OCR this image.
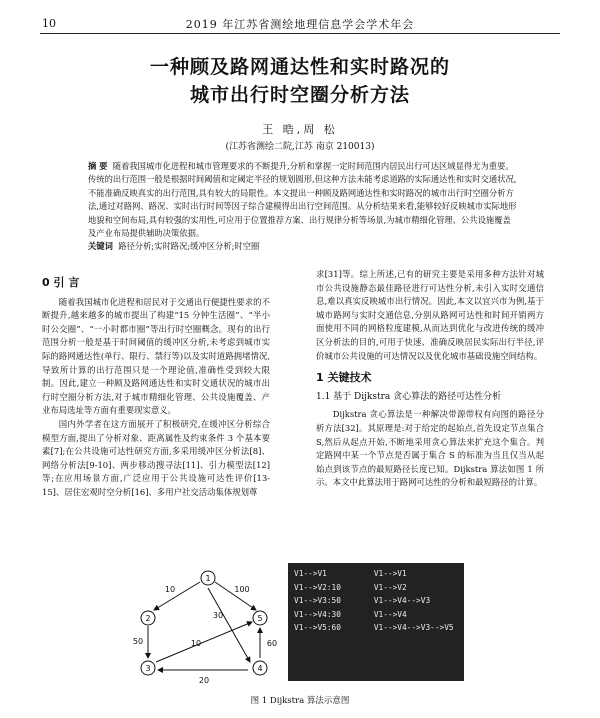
10	2019 年江苏省测绘地理信息学会学术年会
一种顾及路网通达性和实时路况的
城市出行时空圈分析方法
王 晧,周 松
(江苏省测绘二院,江苏 南京 210013)
摘 要 随着我国城市化进程和城市管理要求的不断提升,分析和掌握一定时间范围内居民出行可达区域显得尤为重要。传统的出行范围一般是根据时间阈值和定阈定半径的规划圆形,但这种方法未能考虑道路的实际通达性和实时交通状况,不能准确反映真实的出行范围,具有较大的局限性。本文提出一种顾及路网通达性和实时路况的城市出行时空圈分析方法,通过对路网、路况、实时出行时间等因子综合建模得出出行空间范围。从分析结果来看,能够较好反映城市实际地形地貌和空间布局,具有较强的实用性,可应用于位置推荐方案、出行规律分析等场景,为城市精细化管理、公共设施覆盖及产业布局提供辅助决策依据。
关键词 路径分析;实时路况;缓冲区分析;时空圈
0 引 言

随着我国城市化进程和居民对于交通出行便捷性要求的不断提升,越来越多的城市提出了构建“15 分钟生活圈”、“半小时公交圈”、“一小时都市圈”等出行时空圈概念。现有的出行范围分析一般是基于时间阈值的缓冲区分析,未考虑到城市实际的路网通达性(单行、限行、禁行等)以及实时道路拥堵情况,导致所计算的出行范围只是一个理论值,准确性受到较大限制。因此,建立一种顾及路网通达性和实时交通状况的城市出行时空圈分析方法,对于城市精细化管理、公共设施覆盖、产业布局选址等方面有重要现实意义。

国内外学者在这方面展开了积极研究,在缓冲区分析综合模型方面,提出了分析对象、距离属性及约束条件 3 个基本要素[7];在公共设施可达性研究方面,多采用缓冲区分析法[8]、网络分析法[9-10]、两步移动搜寻法[11]、引力模型法[12]等;在应用场景方面,广泛应用于公共设施可达性评价[13-15]、居住宏观时空分析[16]、多用户社交活动集体规划尊

求[31]等。综上所述,已有的研究主要是采用多种方法针对城市公共设施静态最佳路径进行可达性分析,未引入实时交通信息,难以真实反映城市出行情况。因此,本文以宜兴市为例,基于城市路网与实时交通信息,分别从路网可达性和时间开销两方面使用不同的网格粒度建模,从而达到优化与改进传统的缓冲区分析法的目的,可用于快速、准确反映居民实际出行半径,评价城市公共设施的可达情况以及优化城市基础设施空间结构。

1 关键技术
1.1 基于 Dijkstra 贪心算法的路径可达性分析

Dijkstra 贪心算法是一种解决带源带权有向图的路径分析方法[32]。其原理是:对于给定的起始点,首先设定节点集合 S,然后从起点开始,不断地采用贪心算法来扩充这个集合。判定路网中某一个节点是否属于集合 S 的标准为当且仅当从起始点到该节点的最短路径长度已知。Dijkstra 算法如图 1 所示。本文中此算法用于路网可达性的分析和最短路径的计算。

1
2
3	4
5
10	100
30
50	10	60
20
V1-->V1	V1-->V1
V1-->V2:10	V1-->V2
V1-->V3:50	V1-->V4-->V3
V1-->V4:30	V1-->V4
V1-->V5:60	V1-->V4-->V3-->V5
图 1 Dijkstra 算法示意图
